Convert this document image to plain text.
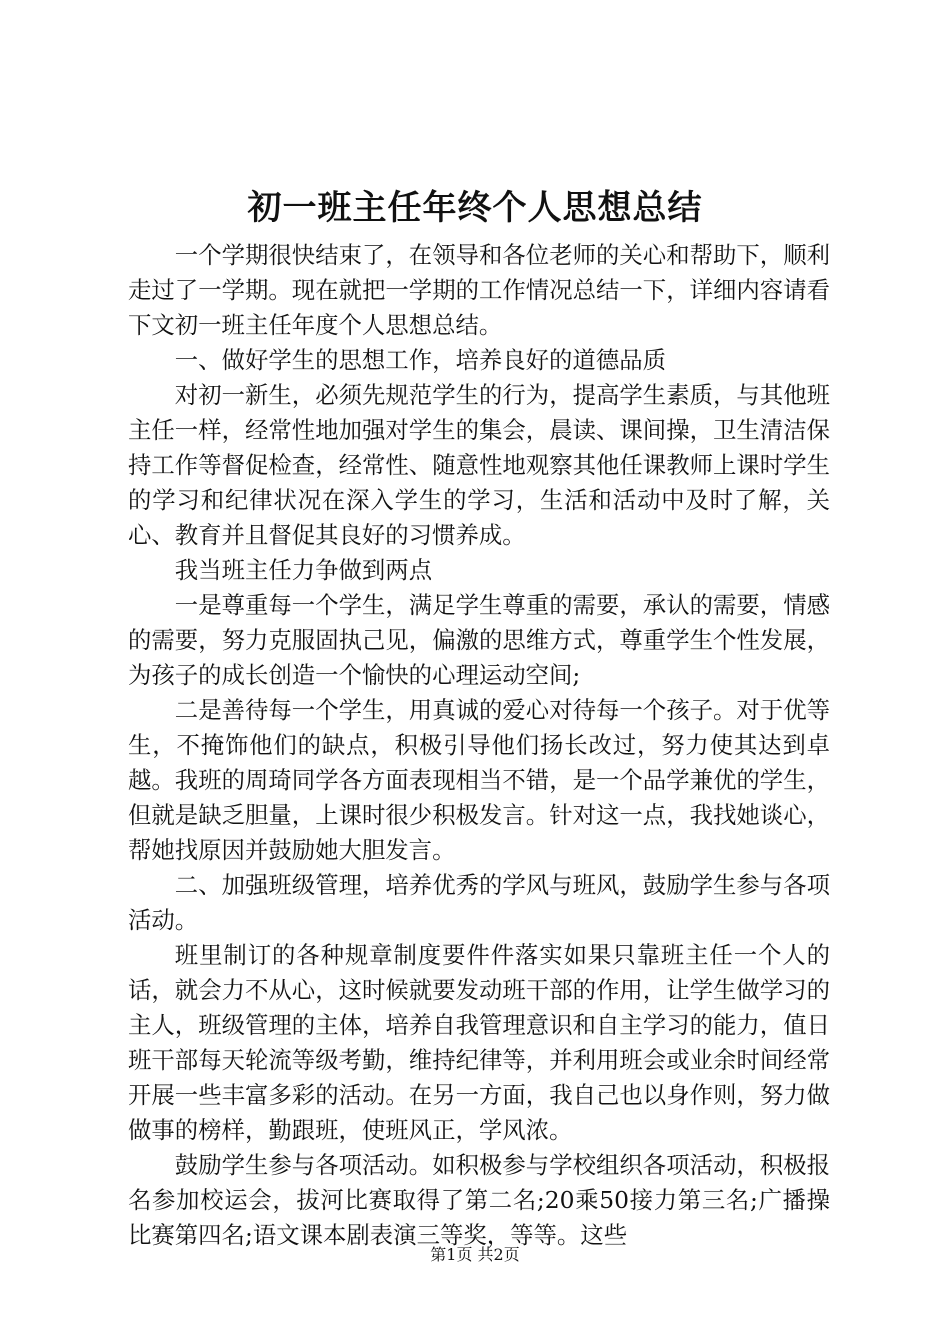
初一班主任年终个人思想总结

一个学期很快结束了，在领导和各位老师的关心和帮助下，顺利走过了一学期。现在就把一学期的工作情况总结一下，详细内容请看下文初一班主任年度个人思想总结。

一、做好学生的思想工作，培养良好的道德品质

对初一新生，必须先规范学生的行为，提高学生素质，与其他班主任一样，经常性地加强对学生的集会，晨读、课间操，卫生清洁保持工作等督促检查，经常性、随意性地观察其他任课教师上课时学生的学习和纪律状况在深入学生的学习，生活和活动中及时了解，关心、教育并且督促其良好的习惯养成。

我当班主任力争做到两点

一是尊重每一个学生，满足学生尊重的需要，承认的需要，情感的需要，努力克服固执己见，偏激的思维方式，尊重学生个性发展，为孩子的成长创造一个愉快的心理运动空间;

二是善待每一个学生，用真诚的爱心对待每一个孩子。对于优等生，不掩饰他们的缺点，积极引导他们扬长改过，努力使其达到卓越。我班的周琦同学各方面表现相当不错，是一个品学兼优的学生，但就是缺乏胆量，上课时很少积极发言。针对这一点，我找她谈心，帮她找原因并鼓励她大胆发言。

二、加强班级管理，培养优秀的学风与班风，鼓励学生参与各项活动。

班里制订的各种规章制度要件件落实如果只靠班主任一个人的话，就会力不从心，这时候就要发动班干部的作用，让学生做学习的主人，班级管理的主体，培养自我管理意识和自主学习的能力，值日班干部每天轮流等级考勤，维持纪律等，并利用班会或业余时间经常开展一些丰富多彩的活动。在另一方面，我自己也以身作则，努力做做事的榜样，勤跟班，使班风正，学风浓。

鼓励学生参与各项活动。如积极参与学校组织各项活动，积极报名参加校运会，拔河比赛取得了第二名;20乘50接力第三名;广播操比赛第四名;语文课本剧表演三等奖，等等。这些

第1页 共2页
